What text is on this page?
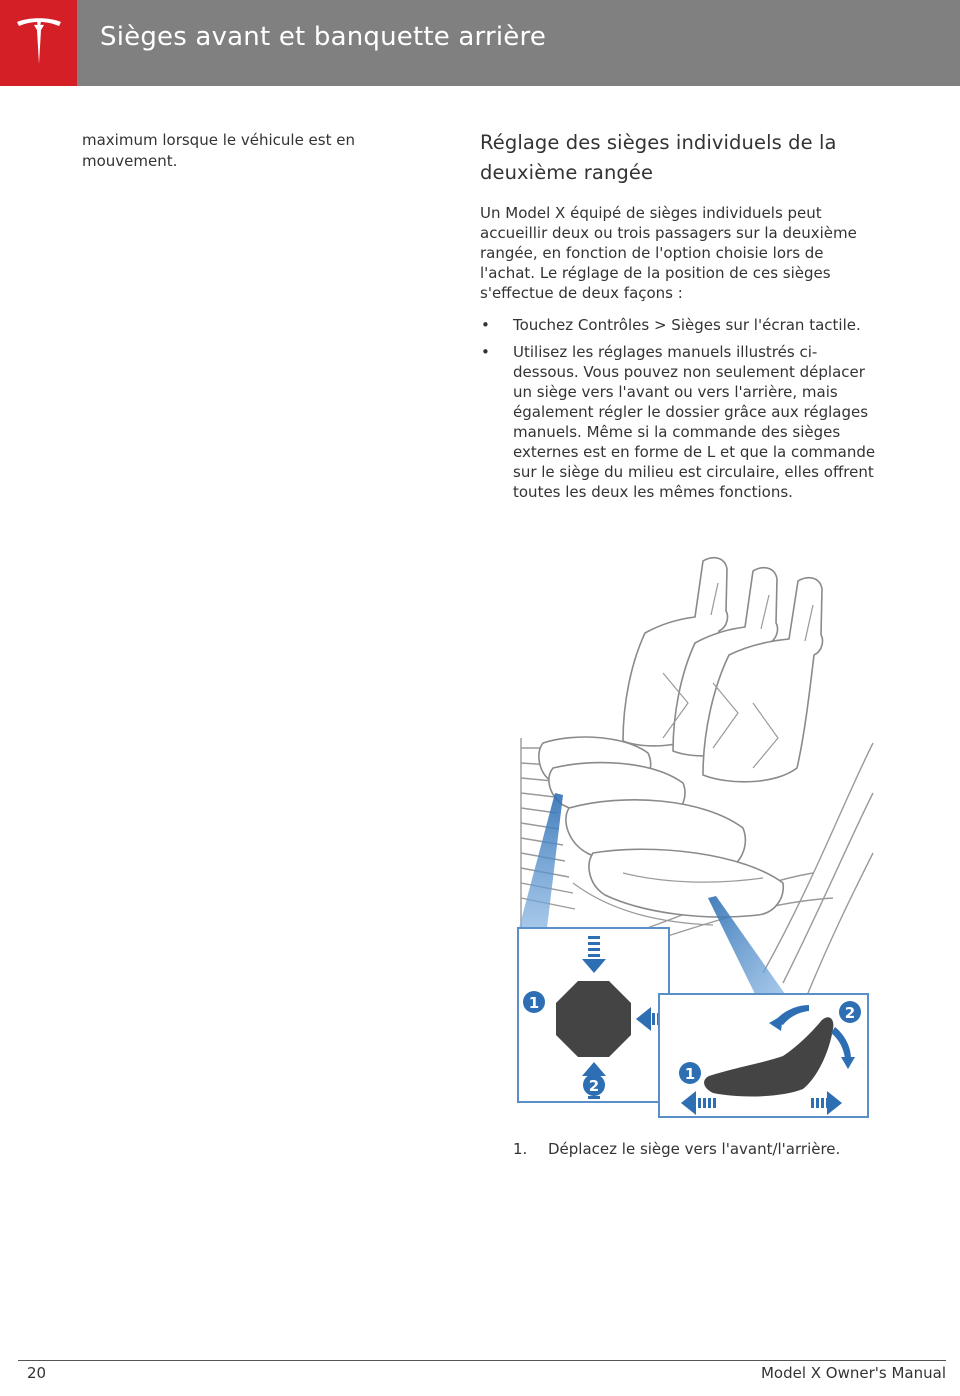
Sièges avant et banquette arrière
maximum lorsque le véhicule est en mouvement.
Réglage des sièges individuels de la deuxième rangée

Un Model X équipé de sièges individuels peut accueillir deux ou trois passagers sur la deuxième rangée, en fonction de l'option choisie lors de l'achat. Le réglage de la position de ces sièges s'effectue de deux façons :

• Touchez Contrôles > Sièges sur l'écran tactile.
• Utilisez les réglages manuels illustrés ci-dessous. Vous pouvez non seulement déplacer un siège vers l'avant ou vers l'arrière, mais également régler le dossier grâce aux réglages manuels. Même si la commande des sièges externes est en forme de L et que la commande sur le siège du milieu est circulaire, elles offrent toutes les deux les mêmes fonctions.
1
2
1
2
1. Déplacez le siège vers l'avant/l'arrière.
20	Model X Owner's Manual
